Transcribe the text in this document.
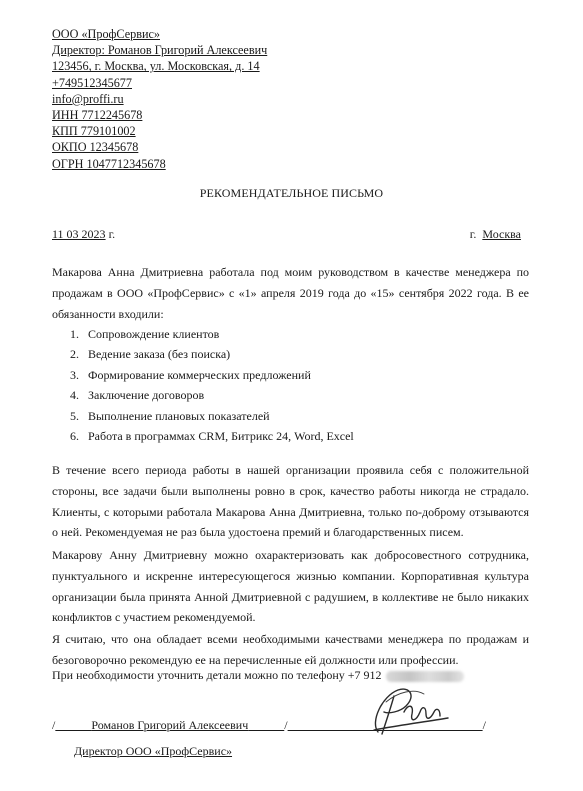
ООО «ПрофСервис»
Директор: Романов Григорий Алексеевич
123456, г. Москва, ул. Московская, д. 14
+749512345677
info@proffi.ru
ИНН 7712245678
КПП 779101002
ОКПО 12345678
ОГРН 1047712345678
РЕКОМЕНДАТЕЛЬНОЕ ПИСЬМО
11 03 2023 г.	г. Москва
Макарова Анна Дмитриевна работала под моим руководством в качестве менеджера по продажам в ООО «ПрофСервис» с «1» апреля 2019 года до «15» сентября 2022 года. В ее обязанности входили:
1. Сопровождение клиентов
2. Ведение заказа (без поиска)
3. Формирование коммерческих предложений
4. Заключение договоров
5. Выполнение плановых показателей
6. Работа в программах CRM, Битрикс 24, Word, Excel
В течение всего периода работы в нашей организации проявила себя с положительной стороны, все задачи были выполнены ровно в срок, качество работы никогда не страдало. Клиенты, с которыми работала Макарова Анна Дмитриевна, только по-доброму отзываются о ней. Рекомендуемая не раз была удостоена премий и благодарственных писем.
Макарову Анну Дмитриевну можно охарактеризовать как добросовестного сотрудника, пунктуального и искренне интересующегося жизнью компании. Корпоративная культура организации была принята Анной Дмитриевной с радушием, в коллективе не было никаких конфликтов с участием рекомендуемой.
Я считаю, что она обладает всеми необходимыми качествами менеджера по продажам и безоговорочно рекомендую ее на перечисленные ей должности или профессии.
При необходимости уточнить детали можно по телефону +7 912
/	Романов Григорий Алексеевич	/	/
Директор ООО «ПрофСервис»
